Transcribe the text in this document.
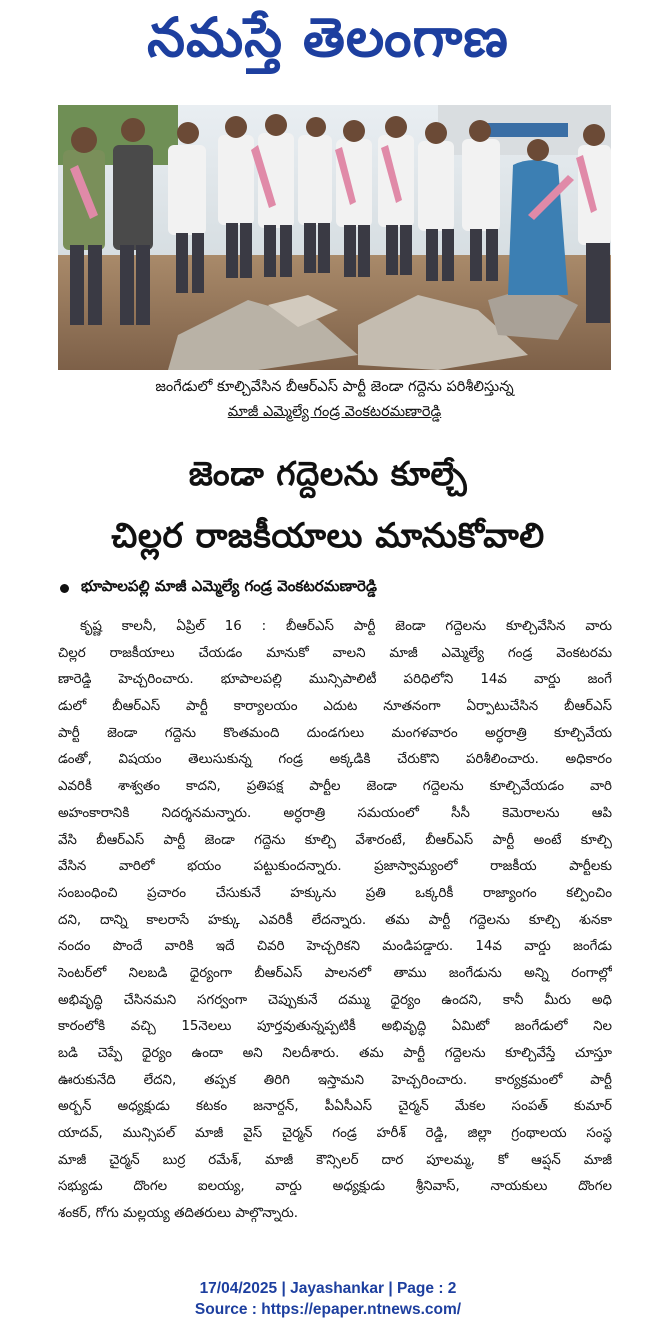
నమస్తే తెలంగాణ
జంగేడులో కూల్చివేసిన బీఆర్ఎస్ పార్టీ జెండా గద్దెను పరిశీలిస్తున్న
మాజీ ఎమ్మెల్యే గండ్ర వెంకటరమణారెడ్డి
జెండా గద్దెలను కూల్చే
చిల్లర రాజకీయాలు మానుకోవాలి
భూపాలపల్లి మాజీ ఎమ్మెల్యే గండ్ర వెంకటరమణారెడ్డి
కృష్ణ కాలనీ, ఏప్రిల్ 16 : బీఆర్ఎస్ పార్టీ జెండా గద్దెలను కూల్చివేసిన వారు
చిల్లర రాజకీయాలు చేయడం మానుకో వాలని మాజీ ఎమ్మెల్యే గండ్ర వెంకటరమ
ణారెడ్డి హెచ్చరించారు. భూపాలపల్లి మున్సిపాలిటీ పరిధిలోని 14వ వార్డు జంగే
డులో బీఆర్ఎస్ పార్టీ కార్యాలయం ఎదుట నూతనంగా ఏర్పాటుచేసిన బీఆర్ఎస్
పార్టీ జెండా గద్దెను కొంతమంది దుండగులు మంగళవారం అర్ధరాత్రి కూల్చివేయ
డంతో, విషయం తెలుసుకున్న గండ్ర అక్కడికి చేరుకొని పరిశీలించారు. అధికారం
ఎవరికీ శాశ్వతం కాదని, ప్రతిపక్ష పార్టీల జెండా గద్దెలను కూల్చివేయడం వారి
అహంకారానికి నిదర్శనమన్నారు. అర్ధరాత్రి సమయంలో సీసీ కెమెరాలను ఆపి
వేసి బీఆర్ఎస్ పార్టీ జెండా గద్దెను కూల్చి వేశారంటే, బీఆర్ఎస్ పార్టీ అంటే కూల్చి
వేసిన వారిలో భయం పట్టుకుందన్నారు. ప్రజాస్వామ్యంలో రాజకీయ పార్టీలకు
సంబంధించి ప్రచారం చేసుకునే హక్కును ప్రతి ఒక్కరికీ రాజ్యాంగం కల్పించిం
దని, దాన్ని కాలరాసే హక్కు ఎవరికీ లేదన్నారు. తమ పార్టీ గద్దెలను కూల్చి శునకా
నందం పొందే వారికి ఇదే చివరి హెచ్చరికని మండిపడ్డారు. 14వ వార్డు జంగేడు
సెంటర్‌లో నిలబడి ధైర్యంగా బీఆర్ఎస్ పాలనలో తాము జంగేడును అన్ని రంగాల్లో
అభివృద్ధి చేసినమని సగర్వంగా చెప్పుకునే దమ్ము ధైర్యం ఉందని, కానీ మీరు అధి
కారంలోకి వచ్చి 15నెలలు పూర్తవుతున్నప్పటికీ అభివృద్ధి ఏమిటో జంగేడులో నిల
బడి చెప్పే ధైర్యం ఉందా అని నిలదీశారు. తమ పార్టీ గద్దెలను కూల్చివేస్తే చూస్తూ
ఊరుకునేది లేదని, తప్పక తిరిగి ఇస్తామని హెచ్చరించారు. కార్యక్రమంలో పార్టీ
అర్బన్ అధ్యక్షుడు కటకం జనార్దన్, పీఏసీఎస్ చైర్మన్ మేకల సంపత్ కుమార్
యాదవ్, మున్సిపల్ మాజీ వైస్ చైర్మన్ గండ్ర హరీశ్ రెడ్డి, జిల్లా గ్రంథాలయ సంస్థ
మాజీ చైర్మన్ బుర్ర రమేశ్, మాజీ కౌన్సిలర్ దార పూలమ్మ, కో ఆప్షన్ మాజీ
సభ్యుడు దొంగల ఐలయ్య, వార్డు అధ్యక్షుడు శ్రీనివాస్, నాయకులు దొంగల
శంకర్, గోగు మల్లయ్య తదితరులు పాల్గొన్నారు.
17/04/2025 | Jayashankar | Page : 2
Source : https://epaper.ntnews.com/
